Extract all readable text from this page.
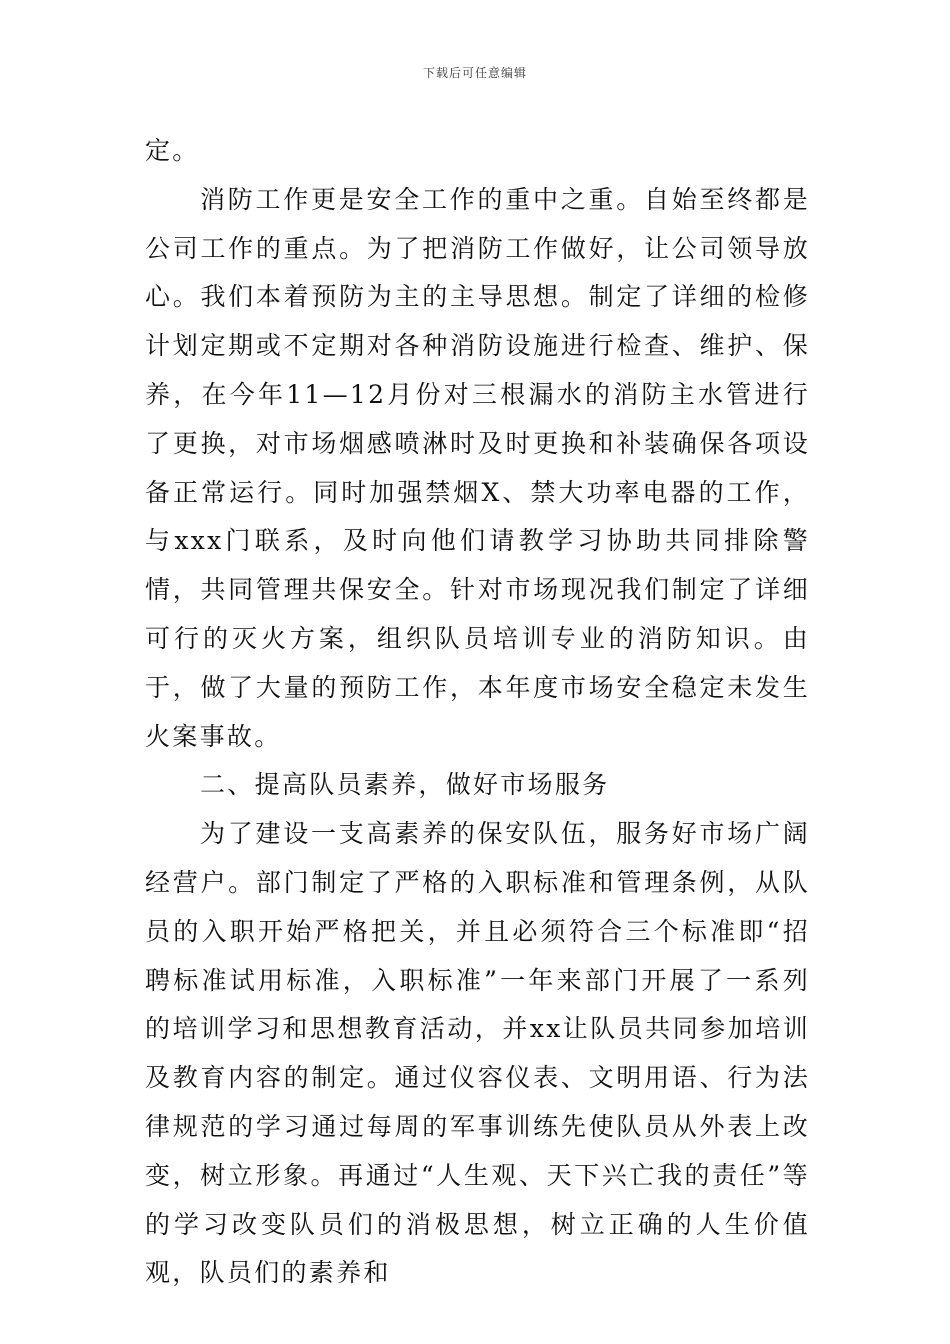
下载后可任意编辑

定。

消防工作更是安全工作的重中之重。自始至终都是公司工作的重点。为了把消防工作做好，让公司领导放心。我们本着预防为主的主导思想。制定了详细的检修计划定期或不定期对各种消防设施进行检查、维护、保养，在今年11—12月份对三根漏水的消防主水管进行了更换，对市场烟感喷淋时及时更换和补装确保各项设备正常运行。同时加强禁烟X、禁大功率电器的工作，与xxx门联系，及时向他们请教学习协助共同排除警情，共同管理共保安全。针对市场现况我们制定了详细可行的灭火方案，组织队员培训专业的消防知识。由于，做了大量的预防工作，本年度市场安全稳定未发生火案事故。

二、提高队员素养，做好市场服务

为了建设一支高素养的保安队伍，服务好市场广阔经营户。部门制定了严格的入职标准和管理条例，从队员的入职开始严格把关，并且必须符合三个标准即“招聘标准试用标准，入职标准”一年来部门开展了一系列的培训学习和思想教育活动，并xx让队员共同参加培训及教育内容的制定。通过仪容仪表、文明用语、行为法律规范的学习通过每周的军事训练先使队员从外表上改变，树立形象。再通过“人生观、天下兴亡我的责任”等的学习改变队员们的消极思想，树立正确的人生价值观，队员们的素养和
